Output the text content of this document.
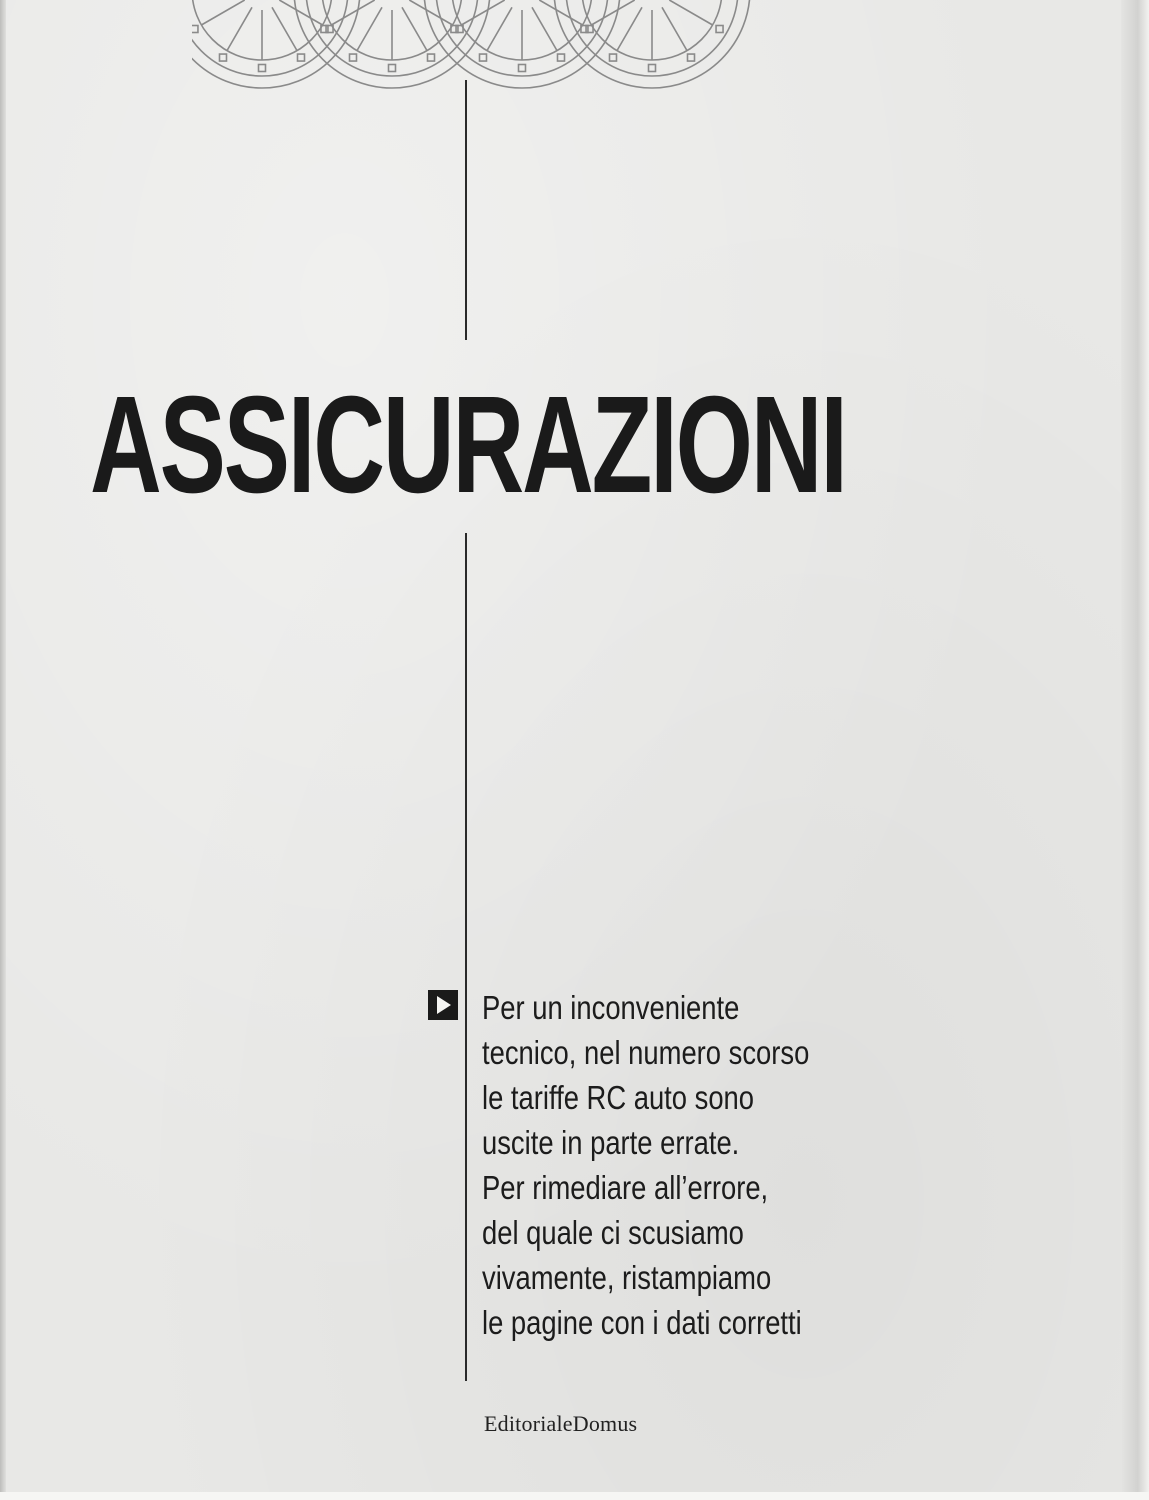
ASSICURAZIONI

Per un inconveniente
tecnico, nel numero scorso
le tariffe RC auto sono
uscite in parte errate.
Per rimediare all’errore,
del quale ci scusiamo
vivamente, ristampiamo
le pagine con i dati corretti

EditorialeDomus
